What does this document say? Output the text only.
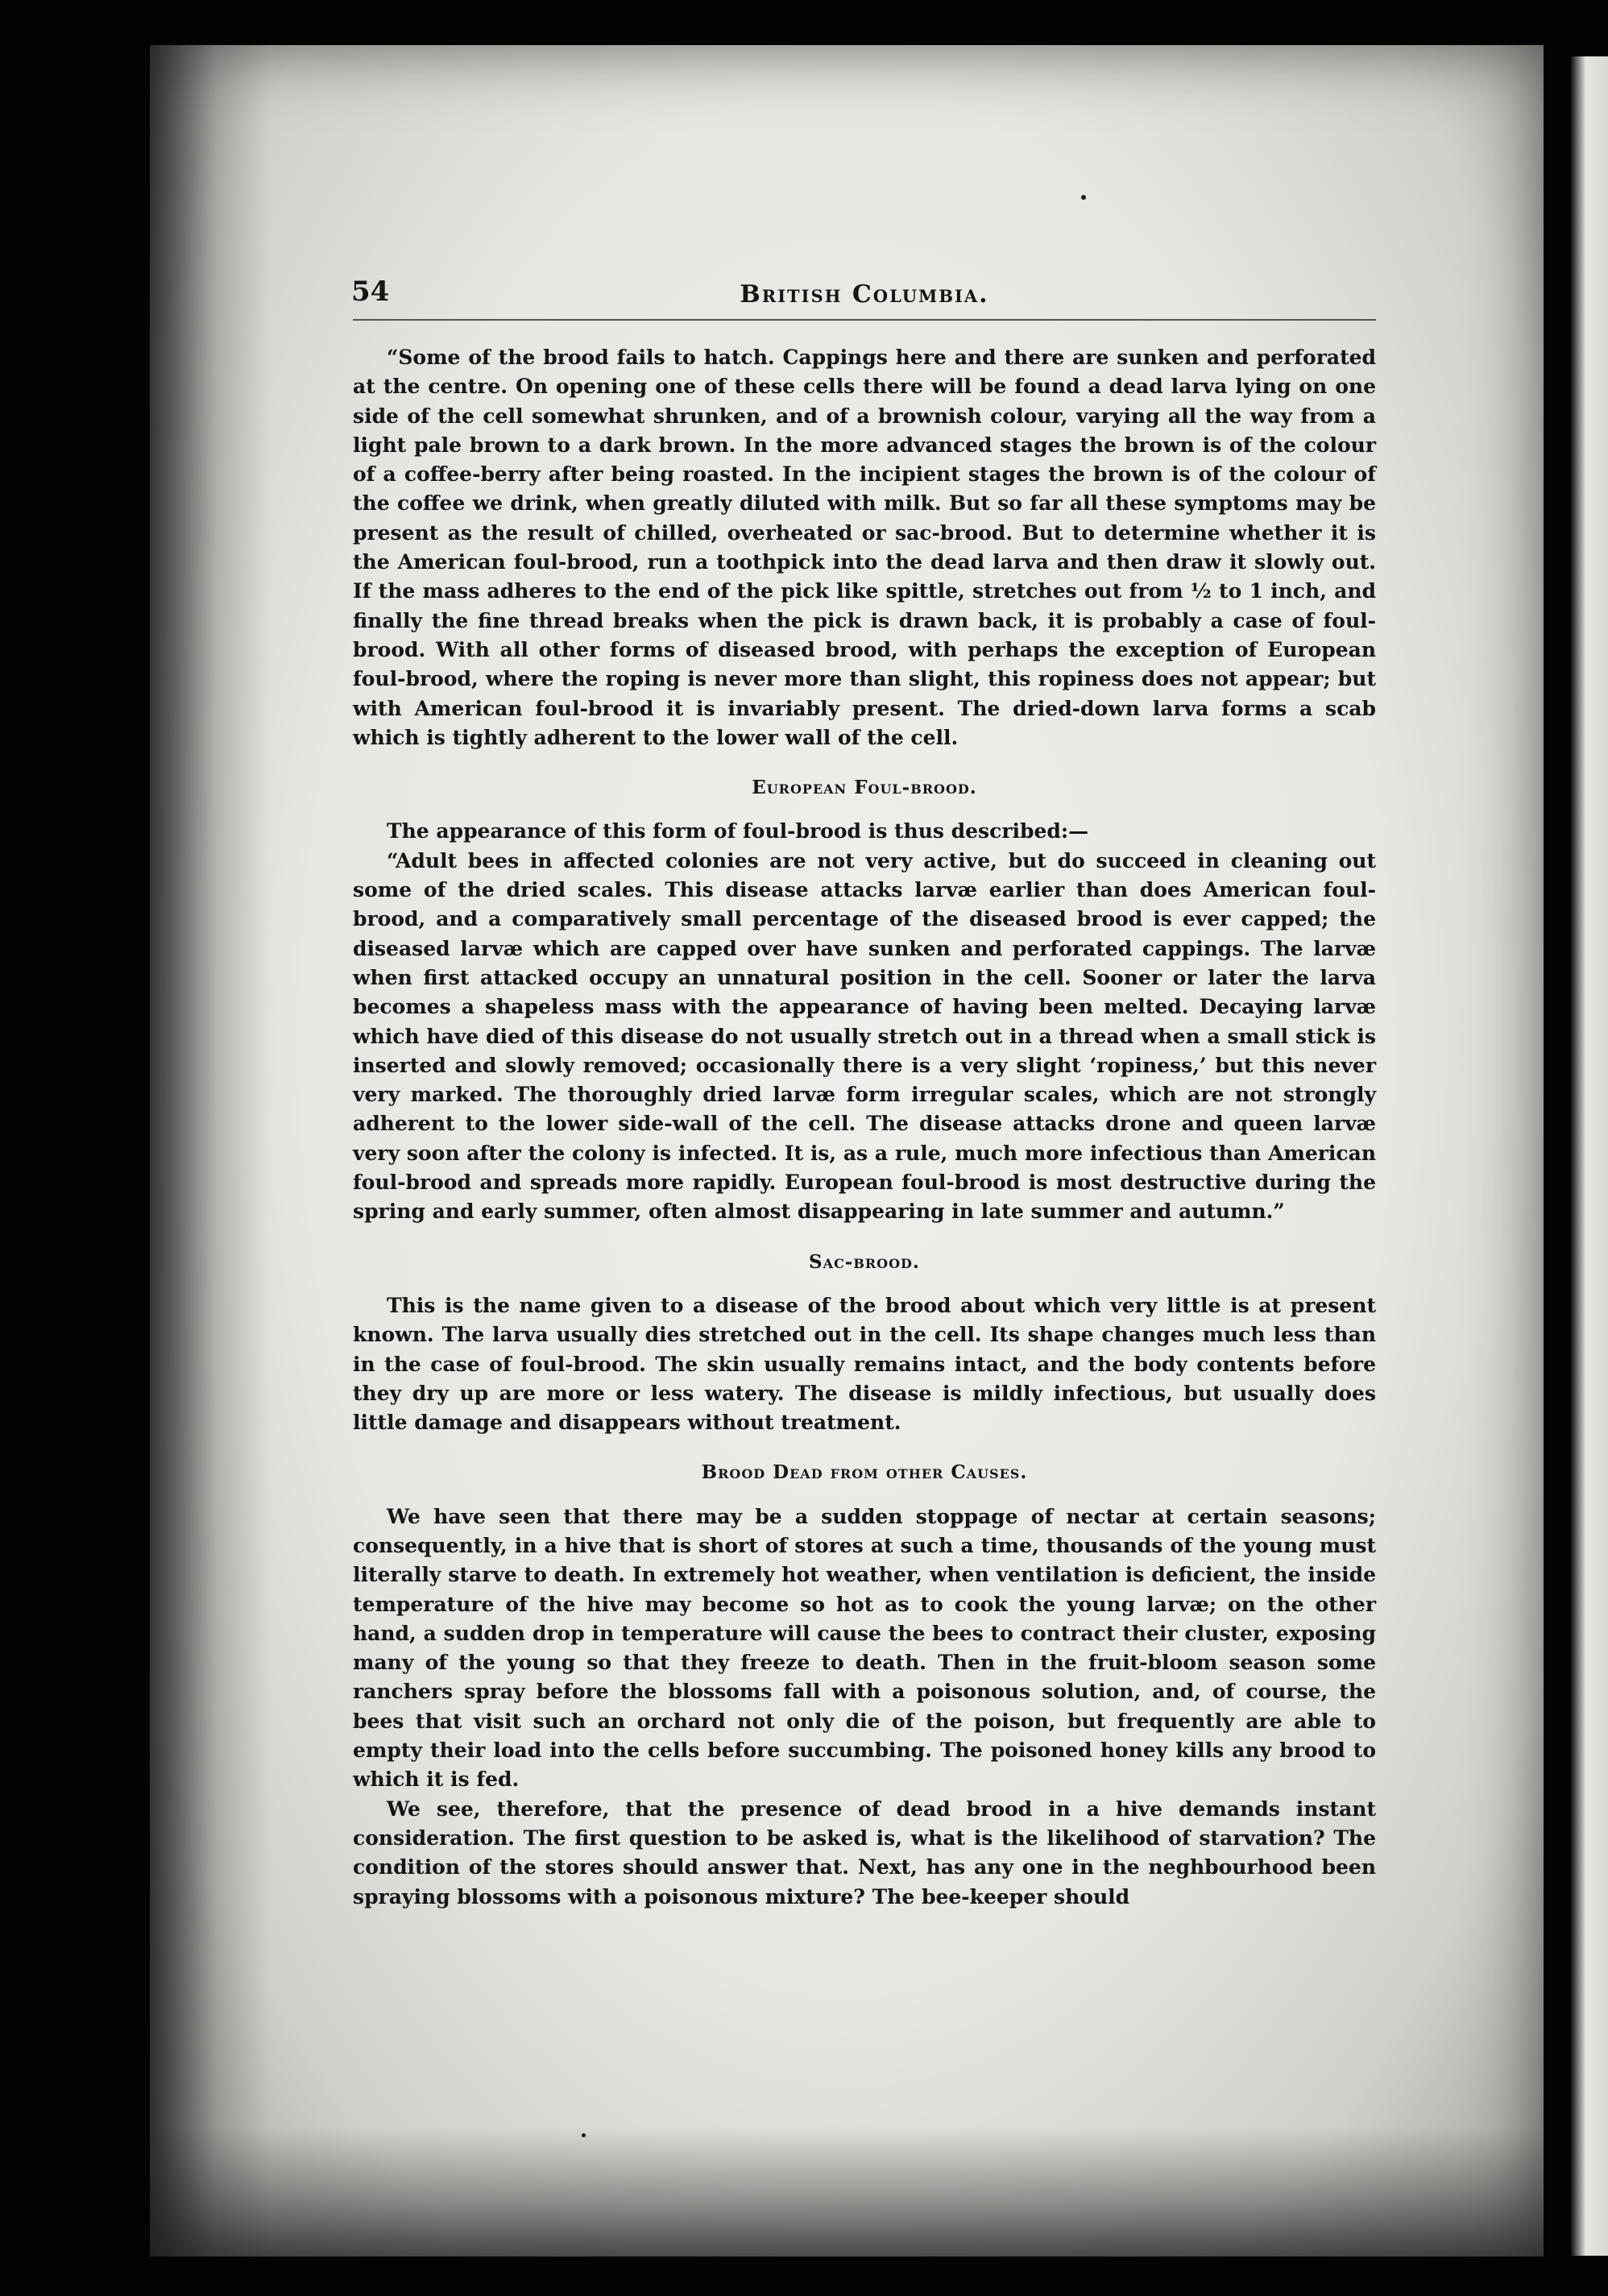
54	British Columbia.

“Some of the brood fails to hatch. Cappings here and there are sunken and perforated at the centre. On opening one of these cells there will be found a dead larva lying on one side of the cell somewhat shrunken, and of a brownish colour, varying all the way from a light pale brown to a dark brown. In the more advanced stages the brown is of the colour of a coffee-berry after being roasted. In the incipient stages the brown is of the colour of the coffee we drink, when greatly diluted with milk. But so far all these symptoms may be present as the result of chilled, overheated or sac-brood. But to determine whether it is the American foul-brood, run a toothpick into the dead larva and then draw it slowly out. If the mass adheres to the end of the pick like spittle, stretches out from ½ to 1 inch, and finally the fine thread breaks when the pick is drawn back, it is probably a case of foul-brood. With all other forms of diseased brood, with perhaps the exception of European foul-brood, where the roping is never more than slight, this ropiness does not appear; but with American foul-brood it is invariably present. The dried-down larva forms a scab which is tightly adherent to the lower wall of the cell.

European Foul-brood.

The appearance of this form of foul-brood is thus described:—

“Adult bees in affected colonies are not very active, but do succeed in cleaning out some of the dried scales. This disease attacks larvæ earlier than does American foul-brood, and a comparatively small percentage of the diseased brood is ever capped; the diseased larvæ which are capped over have sunken and perforated cappings. The larvæ when first attacked occupy an unnatural position in the cell. Sooner or later the larva becomes a shapeless mass with the appearance of having been melted. Decaying larvæ which have died of this disease do not usually stretch out in a thread when a small stick is inserted and slowly removed; occasionally there is a very slight ‘ropiness,’ but this never very marked. The thoroughly dried larvæ form irregular scales, which are not strongly adherent to the lower side-wall of the cell. The disease attacks drone and queen larvæ very soon after the colony is infected. It is, as a rule, much more infectious than American foul-brood and spreads more rapidly. European foul-brood is most destructive during the spring and early summer, often almost disappearing in late summer and autumn.”

Sac-brood.

This is the name given to a disease of the brood about which very little is at present known. The larva usually dies stretched out in the cell. Its shape changes much less than in the case of foul-brood. The skin usually remains intact, and the body contents before they dry up are more or less watery. The disease is mildly infectious, but usually does little damage and disappears without treatment.

Brood Dead from other Causes.

We have seen that there may be a sudden stoppage of nectar at certain seasons; consequently, in a hive that is short of stores at such a time, thousands of the young must literally starve to death. In extremely hot weather, when ventilation is deficient, the inside temperature of the hive may become so hot as to cook the young larvæ; on the other hand, a sudden drop in temperature will cause the bees to contract their cluster, exposing many of the young so that they freeze to death. Then in the fruit-bloom season some ranchers spray before the blossoms fall with a poisonous solution, and, of course, the bees that visit such an orchard not only die of the poison, but frequently are able to empty their load into the cells before succumbing. The poisoned honey kills any brood to which it is fed.

We see, therefore, that the presence of dead brood in a hive demands instant consideration. The first question to be asked is, what is the likelihood of starvation? The condition of the stores should answer that. Next, has any one in the neghbourhood been spraying blossoms with a poisonous mixture? The bee-keeper should
